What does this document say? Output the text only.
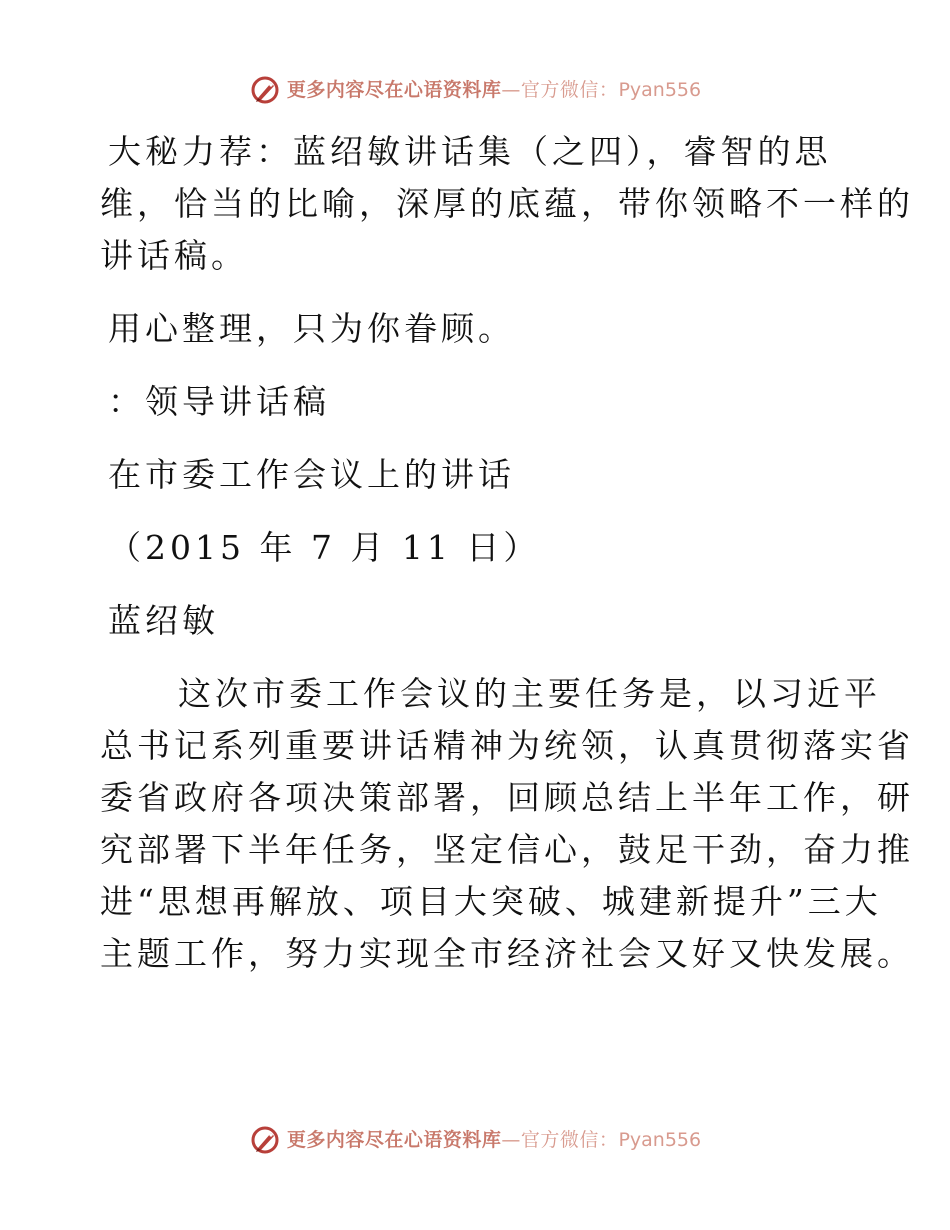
更多内容尽在心语资料库—官方微信：Pyan556

大秘力荐：蓝绍敏讲话集（之四），睿智的思

维，恰当的比喻，深厚的底蕴，带你领略不一样的

讲话稿。

用心整理，只为你眷顾。

：领导讲话稿

在市委工作会议上的讲话

（2015 年 7 月 11 日）

蓝绍敏

这次市委工作会议的主要任务是，以习近平

总书记系列重要讲话精神为统领，认真贯彻落实省

委省政府各项决策部署，回顾总结上半年工作，研

究部署下半年任务，坚定信心，鼓足干劲，奋力推

进“思想再解放、项目大突破、城建新提升”三大

主题工作，努力实现全市经济社会又好又快发展。

更多内容尽在心语资料库—官方微信：Pyan556
